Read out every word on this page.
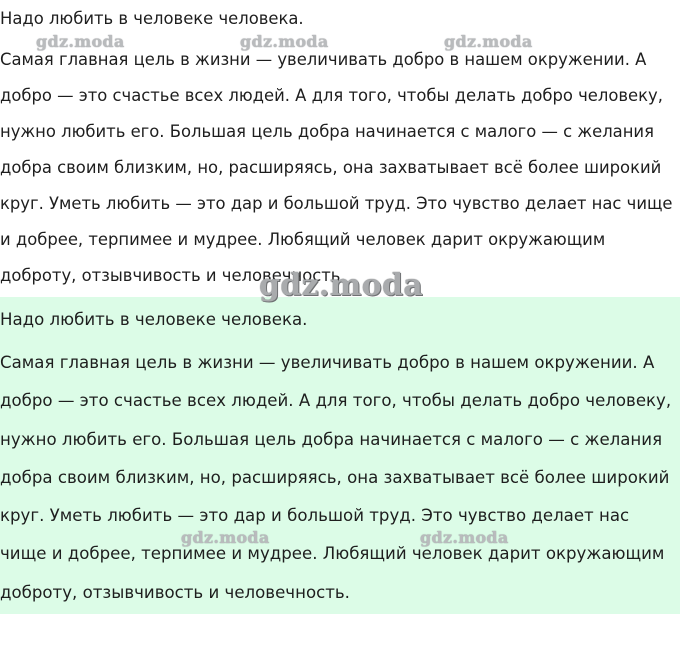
Надо любить в человеке человека.
Самая главная цель в жизни — увеличивать добро в нашем окружении. А добро — это счастье всех людей. А для того, чтобы делать добро человеку, нужно любить его. Большая цель добра начинается с малого — с желания добра своим близким, но, расширяясь, она захватывает всё более широкий круг. Уметь любить — это дар и большой труд. Это чувство делает нас чище и добрее, терпимее и мудрее. Любящий человек дарит окружающим доброту, отзывчивость и человечность.
Надо любить в человеке человека.
Самая главная цель в жизни — увеличивать добро в нашем окружении. А добро — это счастье всех людей. А для того, чтобы делать добро человеку, нужно любить его. Большая цель добра начинается с малого — с желания добра своим близким, но, расширяясь, она захватывает всё более широкий круг. Уметь любить — это дар и большой труд. Это чувство делает нас чище и добрее, терпимее и мудрее. Любящий человек дарит окружающим доброту, отзывчивость и человечность.
gdz.moda	gdz.moda	gdz.moda
gdz.moda
gdz.moda	gdz.moda
